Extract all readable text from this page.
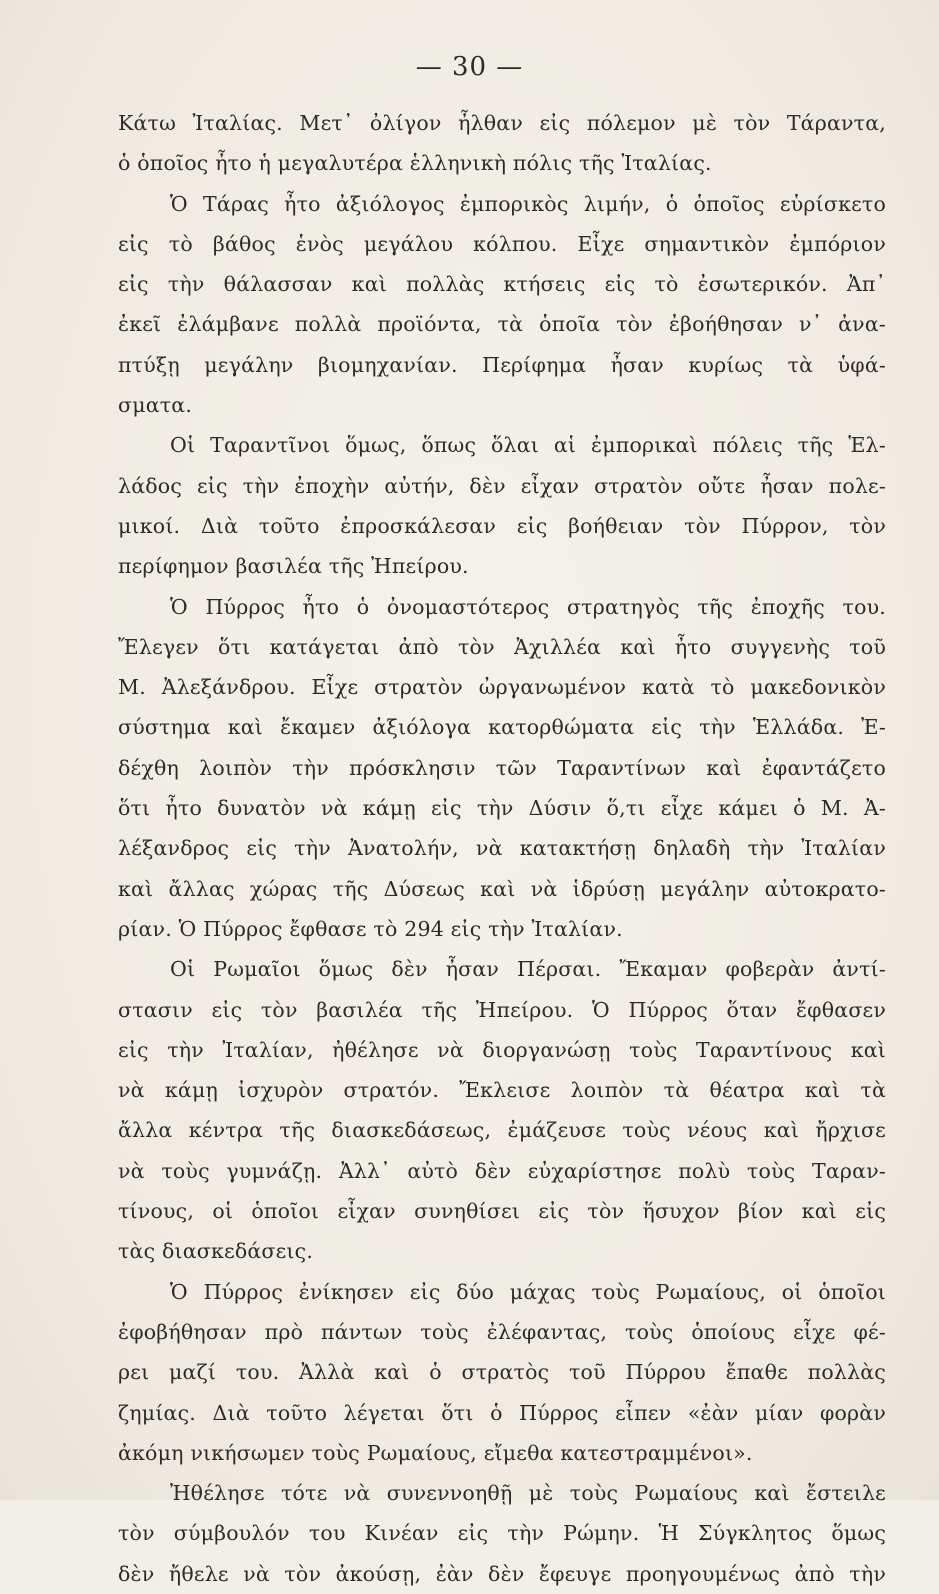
— 30 —
Κάτω Ἰταλίας. Μετ᾿ ὀλίγον ἦλθαν εἰς πόλεμον μὲ τὸν Τάραντα,
ὁ ὁποῖος ἦτο ἡ μεγαλυτέρα ἑλληνικὴ πόλις τῆς Ἰταλίας.
Ὁ Τάρας ἦτο ἀξιόλογος ἐμπορικὸς λιμήν, ὁ ὁποῖος εὑρίσκετο
εἰς τὸ βάθος ἑνὸς μεγάλου κόλπου. Εἶχε σημαντικὸν ἐμπόριον
εἰς τὴν θάλασσαν καὶ πολλὰς κτήσεις εἰς τὸ ἐσωτερικόν. Ἀπ᾿
ἐκεῖ ἐλάμβανε πολλὰ προϊόντα, τὰ ὁποῖα τὸν ἐβοήθησαν ν᾿ ἀνα-
πτύξῃ μεγάλην βιομηχανίαν. Περίφημα ἦσαν κυρίως τὰ ὑφά-
σματα.
Οἱ Ταραντῖνοι ὅμως, ὅπως ὅλαι αἱ ἐμπορικαὶ πόλεις τῆς Ἑλ-
λάδος εἰς τὴν ἐποχὴν αὐτήν, δὲν εἶχαν στρατὸν οὔτε ἦσαν πολε-
μικοί. Διὰ τοῦτο ἐπροσκάλεσαν εἰς βοήθειαν τὸν Πύρρον, τὸν
περίφημον βασιλέα τῆς Ἠπείρου.
Ὁ Πύρρος ἦτο ὁ ὀνομαστότερος στρατηγὸς τῆς ἐποχῆς του.
Ἔλεγεν ὅτι κατάγεται ἀπὸ τὸν Ἀχιλλέα καὶ ἦτο συγγενὴς τοῦ
Μ. Ἀλεξάνδρου. Εἶχε στρατὸν ὠργανωμένον κατὰ τὸ μακεδονικὸν
σύστημα καὶ ἔκαμεν ἀξιόλογα κατορθώματα εἰς τὴν Ἑλλάδα. Ἐ-
δέχθη λοιπὸν τὴν πρόσκλησιν τῶν Ταραντίνων καὶ ἐφαντάζετο
ὅτι ἦτο δυνατὸν νὰ κάμῃ εἰς τὴν Δύσιν ὅ,τι εἶχε κάμει ὁ Μ. Ἀ-
λέξανδρος εἰς τὴν Ἀνατολήν, νὰ κατακτήσῃ δηλαδὴ τὴν Ἰταλίαν
καὶ ἄλλας χώρας τῆς Δύσεως καὶ νὰ ἱδρύσῃ μεγάλην αὐτοκρατο-
ρίαν. Ὁ Πύρρος ἔφθασε τὸ 294 εἰς τὴν Ἰταλίαν.
Οἱ Ρωμαῖοι ὅμως δὲν ἦσαν Πέρσαι. Ἔκαμαν φοβερὰν ἀντί-
στασιν εἰς τὸν βασιλέα τῆς Ἠπείρου. Ὁ Πύρρος ὅταν ἔφθασεν
εἰς τὴν Ἰταλίαν, ἠθέλησε νὰ διοργανώσῃ τοὺς Ταραντίνους καὶ
νὰ κάμῃ ἰσχυρὸν στρατόν. Ἔκλεισε λοιπὸν τὰ θέατρα καὶ τὰ
ἄλλα κέντρα τῆς διασκεδάσεως, ἐμάζευσε τοὺς νέους καὶ ἤρχισε
νὰ τοὺς γυμνάζῃ. Ἀλλ᾿ αὐτὸ δὲν εὐχαρίστησε πολὺ τοὺς Ταραν-
τίνους, οἱ ὁποῖοι εἶχαν συνηθίσει εἰς τὸν ἥσυχον βίον καὶ εἰς
τὰς διασκεδάσεις.
Ὁ Πύρρος ἐνίκησεν εἰς δύο μάχας τοὺς Ρωμαίους, οἱ ὁποῖοι
ἐφοβήθησαν πρὸ πάντων τοὺς ἐλέφαντας, τοὺς ὁποίους εἶχε φέ-
ρει μαζί του. Ἀλλὰ καὶ ὁ στρατὸς τοῦ Πύρρου ἔπαθε πολλὰς
ζημίας. Διὰ τοῦτο λέγεται ὅτι ὁ Πύρρος εἶπεν «ἐὰν μίαν φορὰν
ἀκόμη νικήσωμεν τοὺς Ρωμαίους, εἴμεθα κατεστραμμένοι».
Ἠθέλησε τότε νὰ συνεννοηθῇ μὲ τοὺς Ρωμαίους καὶ ἔστειλε
τὸν σύμβουλόν του Κινέαν εἰς τὴν Ρώμην. Ἡ Σύγκλητος ὅμως
δὲν ἤθελε νὰ τὸν ἀκούσῃ, ἐὰν δὲν ἔφευγε προηγουμένως ἀπὸ τὴν
